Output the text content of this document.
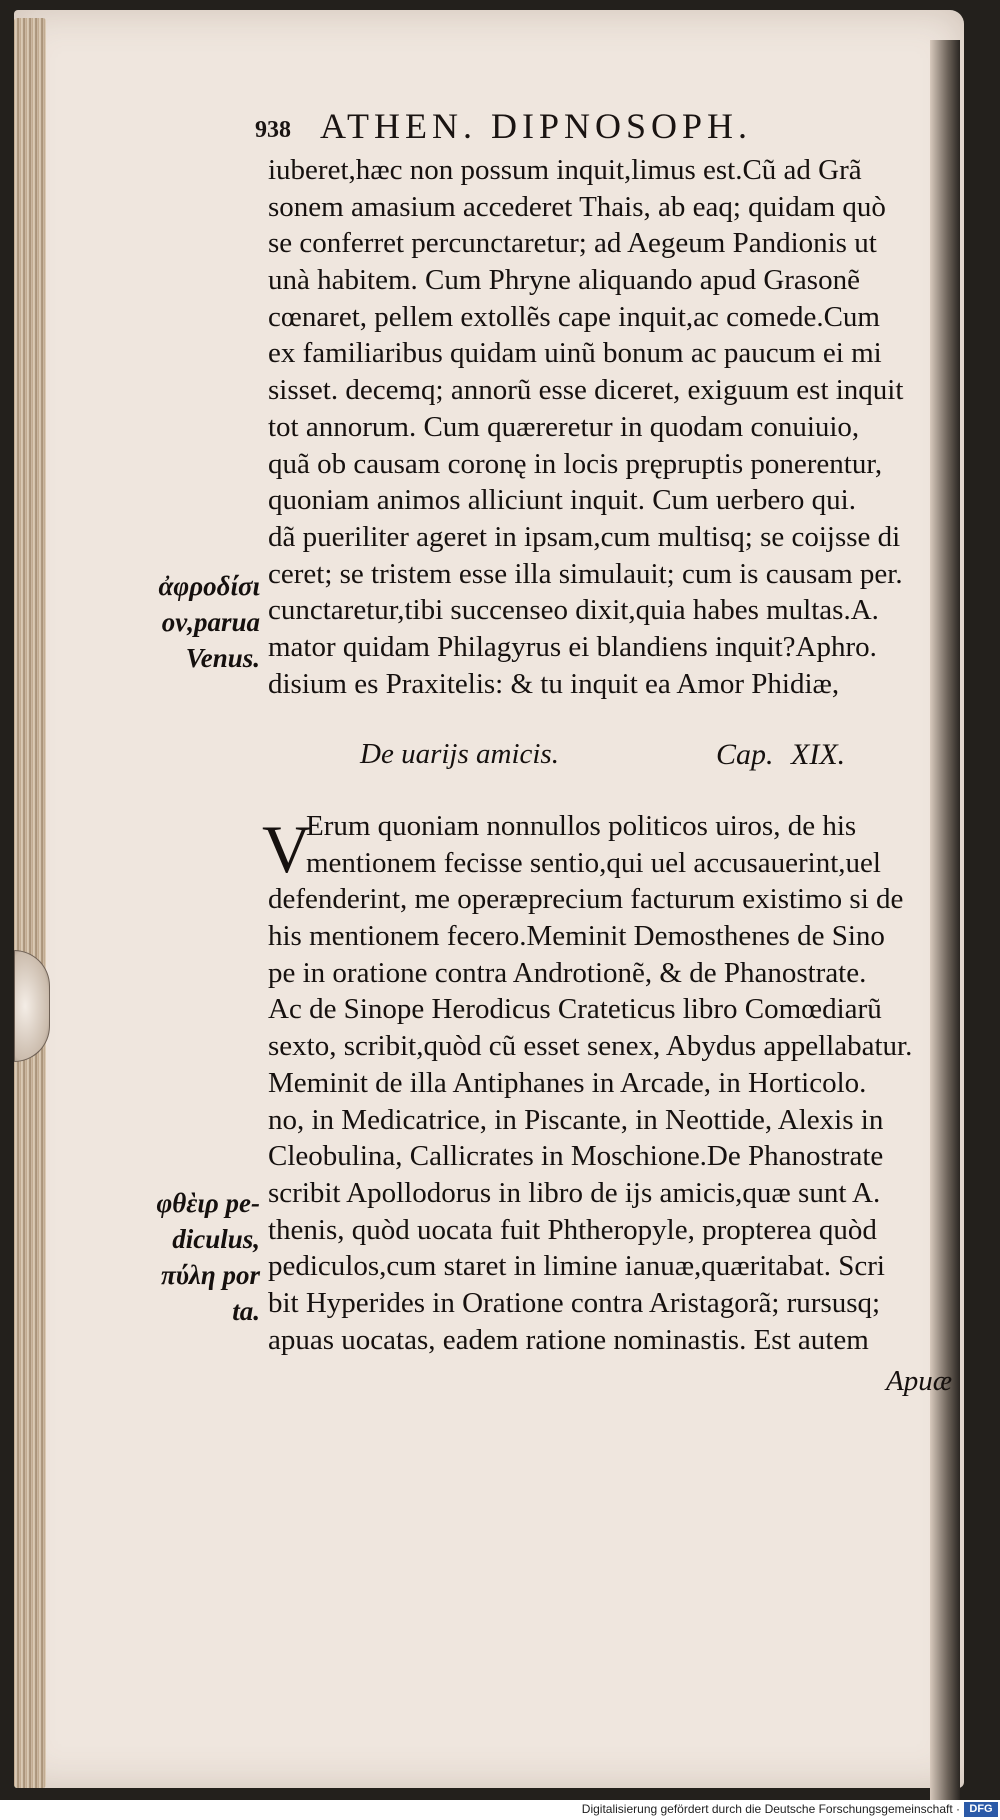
938 ATHEN. DIPNOSOPH.
iuberet,hæc non possum inquit,limus est.Cũ ad Grã
sonem amasium accederet Thais, ab eaq; quidam quò
se conferret percunctaretur; ad Aegeum Pandionis ut
unà habitem. Cum Phryne aliquando apud Grasonẽ
cœnaret, pellem extollẽs cape inquit,ac comede.Cum
ex familiaribus quidam uinũ bonum ac paucum ei mi
sisset. decemq; annorũ esse diceret, exiguum est inquit
tot annorum. Cum quæreretur in quodam conuiuio,
quã ob causam coronę in locis prępruptis ponerentur,
quoniam animos alliciunt inquit. Cum uerbero qui.
dã pueriliter ageret in ipsam,cum multisq; se coijsse di
ceret; se tristem esse illa simulauit; cum is causam per.
cunctaretur,tibi succenseo dixit,quia habes multas.A.
mator quidam Philagyrus ei blandiens inquit?Aphro.
disium es Praxitelis: & tu inquit ea Amor Phidiæ,
ἀφροδίσι
ον,parua
Venus.
De uarijs amicis.	Cap. XIX.
V
Erum quoniam nonnullos politicos uiros, de his
mentionem fecisse sentio,qui uel accusauerint,uel
defenderint, me operæprecium facturum existimo si de
his mentionem fecero.Meminit Demosthenes de Sino
pe in oratione contra Androtionẽ, & de Phanostrate.
Ac de Sinope Herodicus Crateticus libro Comœdiarũ
sexto, scribit,quòd cũ esset senex, Abydus appellabatur.
Meminit de illa Antiphanes in Arcade, in Horticolo.
no, in Medicatrice, in Piscante, in Neottide, Alexis in
Cleobulina, Callicrates in Moschione.De Phanostrate
scribit Apollodorus in libro de ijs amicis,quæ sunt A.
thenis, quòd uocata fuit Phtheropyle, propterea quòd
pediculos,cum staret in limine ianuæ,quæritabat. Scri
bit Hyperides in Oratione contra Aristagorã; rursusq;
apuas uocatas, eadem ratione nominastis. Est autem
φθὲιρ pe-
diculus,
πύλη por
ta.
Apuæ
Digitalisierung gefördert durch die Deutsche Forschungsgemeinschaft · DFG
